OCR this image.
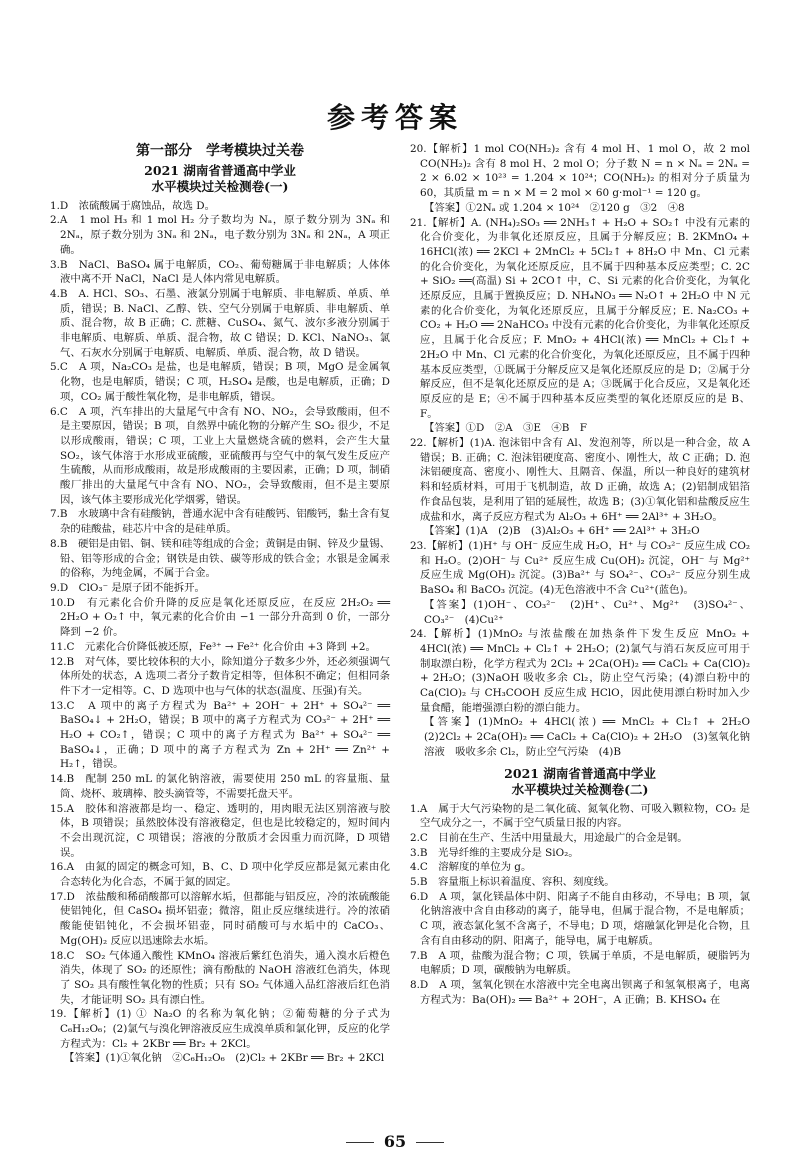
参考答案
第一部分　学考模块过关卷
2021 湖南省普通高中学业
水平模块过关检测卷(一)

1.D　浓硫酸属于腐蚀品，故选 D。

2.A　1 mol H₃ 和 1 mol H₂ 分子数均为 Nₐ，原子数分别为 3Nₐ 和 2Nₐ，原子数分别为 3Nₐ 和 2Nₐ，电子数分别为 3Nₐ 和 2Nₐ，A 项正确。

3.B　NaCl、BaSO₄ 属于电解质，CO₂、葡萄糖属于非电解质；人体体液中离不开 NaCl，NaCl 是人体内常见电解质。

4.B　A. HCl、SO₃、石墨、液氯分别属于电解质、非电解质、单质、单质，错误；B. NaCl、乙醇、铁、空气分别属于电解质、非电解质、单质、混合物，故 B 正确；C. 蔗糖、CuSO₄、氮气、波尔多液分别属于非电解质、电解质、单质、混合物，故 C 错误；D. KCl、NaNO₃、氯气、石灰水分别属于电解质、电解质、单质、混合物，故 D 错误。

5.C　A 项，Na₂CO₃ 是盐，也是电解质，错误；B 项，MgO 是金属氧化物，也是电解质，错误；C 项，H₂SO₄ 是酸，也是电解质，正确；D 项，CO₂ 属于酸性氧化物，是非电解质，错误。

6.C　A 项，汽车排出的大量尾气中含有 NO、NO₂，会导致酸雨，但不是主要原因，错误；B 项，自然界中硫化物的分解产生 SO₂ 很少，不足以形成酸雨，错误；C 项，工业上大量燃烧含硫的燃料，会产生大量 SO₂，该气体溶于水形成亚硫酸，亚硫酸再与空气中的氧气发生反应产生硫酸，从而形成酸雨，故是形成酸雨的主要因素，正确；D 项，制硝酸厂排出的大量尾气中含有 NO、NO₂，会导致酸雨，但不是主要原因，该气体主要形成光化学烟雾，错误。

7.B　水玻璃中含有硅酸钠，普通水泥中含有硅酸钙、铝酸钙，黏土含有复杂的硅酸盐，硅芯片中含的是硅单质。

8.B　硬铝是由铝、铜、镁和硅等组成的合金；黄铜是由铜、锌及少量锡、铅、铝等形成的合金；钢铁是由铁、碳等形成的铁合金；水银是金属汞的俗称，为纯金属，不属于合金。

9.D　ClO₃⁻ 是原子团不能拆开。

10.D　有元素化合价升降的反应是氧化还原反应，在反应 2H₂O₂ ══ 2H₂O + O₂↑ 中，氧元素的化合价由 −1 一部分升高到 0 价，一部分降到 −2 价。

11.C　元素化合价降低被还原，Fe³⁺ → Fe²⁺ 化合价由 +3 降到 +2。

12.B　对气体，要比较体积的大小，除知道分子数多少外，还必须强调气体所处的状态，A 选项二者分子数肯定相等，但体积不确定；但相同条件下才一定相等。C、D 选项中也与气体的状态(温度、压强)有关。

13.C　A 项中的离子方程式为 Ba²⁺ + 2OH⁻ + 2H⁺ + SO₄²⁻ ══ BaSO₄↓ + 2H₂O，错误；B 项中的离子方程式为 CO₃²⁻ + 2H⁺ ══ H₂O + CO₂↑，错误；C 项中的离子方程式为 Ba²⁺ + SO₄²⁻ ══ BaSO₄↓，正确；D 项中的离子方程式为 Zn + 2H⁺ ══ Zn²⁺ + H₂↑，错误。

14.B　配制 250 mL 的氯化钠溶液，需要使用 250 mL 的容量瓶、量筒、烧杯、玻璃棒、胶头滴管等，不需要托盘天平。

15.A　胶体和溶液都是均一、稳定、透明的，用肉眼无法区别溶液与胶体，B 项错误；虽然胶体没有溶液稳定，但也是比较稳定的，短时间内不会出现沉淀，C 项错误；溶液的分散质才会因重力而沉降，D 项错误。

16.A　由氮的固定的概念可知，B、C、D 项中化学反应都是氮元素由化合态转化为化合态，不属于氮的固定。

17.D　浓盐酸和稀硝酸都可以溶解水垢，但都能与铝反应，冷的浓硫酸能使铝钝化，但 CaSO₄ 损坏铝壶；微溶，阻止反应继续进行。冷的浓硝酸能使铝钝化，不会损坏铝壶，同时硝酸可与水垢中的 CaCO₃、Mg(OH)₂ 反应以迅速除去水垢。

18.C　SO₂ 气体通入酸性 KMnO₄ 溶液后紫红色消失，通入溴水后橙色消失，体现了 SO₂ 的还原性；滴有酚酞的 NaOH 溶液红色消失，体现了 SO₂ 具有酸性氧化物的性质；只有 SO₂ 气体通入品红溶液后红色消失，才能证明 SO₂ 具有漂白性。

19.【解析】(1) ① Na₂O 的名称为氧化钠；②葡萄糖的分子式为 C₆H₁₂O₆；(2)氯气与溴化钾溶液反应生成溴单质和氯化钾，反应的化学方程式为：Cl₂ + 2KBr ══ Br₂ + 2KCl。

【答案】(1)①氧化钠　②C₆H₁₂O₆　(2)Cl₂ + 2KBr ══ Br₂ + 2KCl

20.【解析】1 mol CO(NH₂)₂ 含有 4 mol H、1 mol O，故 2 mol CO(NH₂)₂ 含有 8 mol H、2 mol O；分子数 N = n × Nₐ = 2Nₐ = 2 × 6.02 × 10²³ = 1.204 × 10²⁴；CO(NH₂)₂ 的相对分子质量为 60，其质量 m = n × M = 2 mol × 60 g·mol⁻¹ = 120 g。

【答案】①2Nₐ 或 1.204 × 10²⁴　②120 g　③2　④8

21.【解析】A. (NH₄)₂SO₃ ══ 2NH₃↑ + H₂O + SO₂↑ 中没有元素的化合价变化，为非氧化还原反应，且属于分解反应；B. 2KMnO₄ + 16HCl(浓) ══ 2KCl + 2MnCl₂ + 5Cl₂↑ + 8H₂O 中 Mn、Cl 元素的化合价变化，为氧化还原反应，且不属于四种基本反应类型；C. 2C + SiO₂ ══(高温) Si + 2CO↑ 中，C、Si 元素的化合价变化，为氧化还原反应，且属于置换反应；D. NH₄NO₃ ══ N₂O↑ + 2H₂O 中 N 元素的化合价变化，为氧化还原反应，且属于分解反应；E. Na₂CO₃ + CO₂ + H₂O ══ 2NaHCO₃ 中没有元素的化合价变化，为非氧化还原反应，且属于化合反应；F. MnO₂ + 4HCl(浓) ══ MnCl₂ + Cl₂↑ + 2H₂O 中 Mn、Cl 元素的化合价变化，为氧化还原反应，且不属于四种基本反应类型，①既属于分解反应又是氧化还原反应的是 D；②属于分解反应，但不是氧化还原反应的是 A；③既属于化合反应，又是氧化还原反应的是 E；④不属于四种基本反应类型的氧化还原反应的是 B、F。

【答案】①D　②A　③E　④B　F

22.【解析】(1)A. 泡沫铝中含有 Al、发泡剂等，所以是一种合金，故 A 错误；B. 正确；C. 泡沫铝硬度高、密度小、刚性大，故 C 正确；D. 泡沫铝硬度高、密度小、刚性大、且隔音、保温，所以一种良好的建筑材料和轻质材料，可用于飞机制造，故 D 正确，故选 A；(2)铝制成铝箔作食品包装，是利用了铝的延展性，故选 B；(3)①氧化铝和盐酸反应生成盐和水，离子反应方程式为 Al₂O₃ + 6H⁺ ══ 2Al³⁺ + 3H₂O。

【答案】(1)A　(2)B　(3)Al₂O₃ + 6H⁺ ══ 2Al³⁺ + 3H₂O

23.【解析】(1)H⁺ 与 OH⁻ 反应生成 H₂O，H⁺ 与 CO₃²⁻ 反应生成 CO₂ 和 H₂O。(2)OH⁻ 与 Cu²⁺ 反应生成 Cu(OH)₂ 沉淀，OH⁻ 与 Mg²⁺ 反应生成 Mg(OH)₂ 沉淀。(3)Ba²⁺ 与 SO₄²⁻、CO₃²⁻ 反应分别生成 BaSO₄ 和 BaCO₃ 沉淀。(4)无色溶液中不含 Cu²⁺(蓝色)。

【答案】(1)OH⁻、CO₃²⁻　(2)H⁺、Cu²⁺、Mg²⁺　(3)SO₄²⁻、CO₃²⁻　(4)Cu²⁺

24.【解析】(1)MnO₂ 与浓盐酸在加热条件下发生反应 MnO₂ + 4HCl(浓) ══ MnCl₂ + Cl₂↑ + 2H₂O；(2)氯气与消石灰反应可用于制取漂白粉，化学方程式为 2Cl₂ + 2Ca(OH)₂ ══ CaCl₂ + Ca(ClO)₂ + 2H₂O；(3)NaOH 吸收多余 Cl₂，防止空气污染；(4)漂白粉中的 Ca(ClO)₂ 与 CH₃COOH 反应生成 HClO，因此使用漂白粉时加入少量食醋，能增强漂白粉的漂白能力。

【答案】(1)MnO₂ + 4HCl(浓) ══ MnCl₂ + Cl₂↑ + 2H₂O　(2)2Cl₂ + 2Ca(OH)₂ ══ CaCl₂ + Ca(ClO)₂ + 2H₂O　(3)氢氧化钠溶液　吸收多余 Cl₂，防止空气污染　(4)B

2021 湖南省普通高中学业
水平模块过关检测卷(二)

1.A　属于大气污染物的是二氧化硫、氮氧化物、可吸入颗粒物，CO₂ 是空气成分之一，不属于空气质量日报的内容。

2.C　目前在生产、生活中用量最大，用途最广的合金是钢。

3.B　光导纤维的主要成分是 SiO₂。

4.C　溶解度的单位为 g。

5.B　容量瓶上标识着温度、容积、刻度线。

6.D　A 项，氯化镁晶体中阴、阳离子不能自由移动，不导电；B 项，氯化钠溶液中含自由移动的离子，能导电，但属于混合物，不是电解质；C 项，液态氯化氢不含离子，不导电；D 项，熔融氯化钾是化合物，且含有自由移动的阴、阳离子，能导电，属于电解质。

7.B　A 项，盐酸为混合物；C 项，铁属于单质，不是电解质，硬脂钙为电解质；D 项，碳酸钠为电解质。

8.D　A 项，氢氧化钡在水溶液中完全电离出钡离子和氢氧根离子，电离方程式为：Ba(OH)₂ ══ Ba²⁺ + 2OH⁻，A 正确；B. KHSO₄ 在

65
